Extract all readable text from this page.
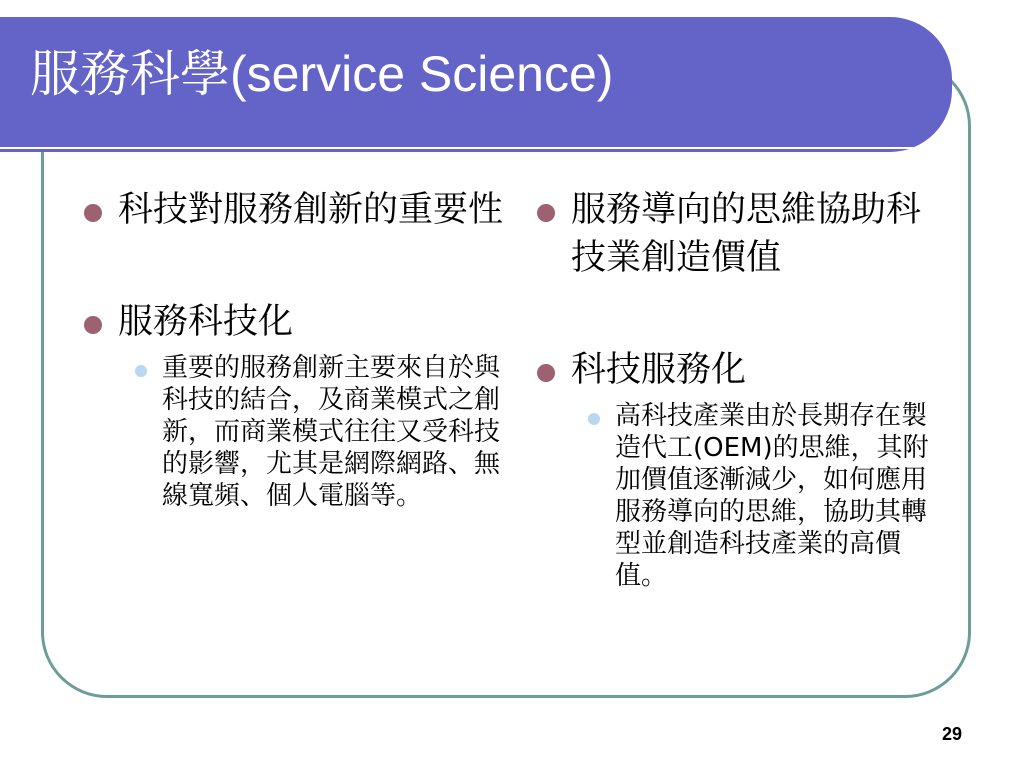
服務科學(service Science)
科技對服務創新的重要性
服務科技化
重要的服務創新主要來自於與科技的結合，及商業模式之創新，而商業模式往往又受科技的影響，尤其是網際網路、無線寬頻、個人電腦等。
服務導向的思維協助科技業創造價值
科技服務化
高科技產業由於長期存在製造代工(OEM)的思維，其附加價值逐漸減少，如何應用服務導向的思維，協助其轉型並創造科技產業的高價值。
29
